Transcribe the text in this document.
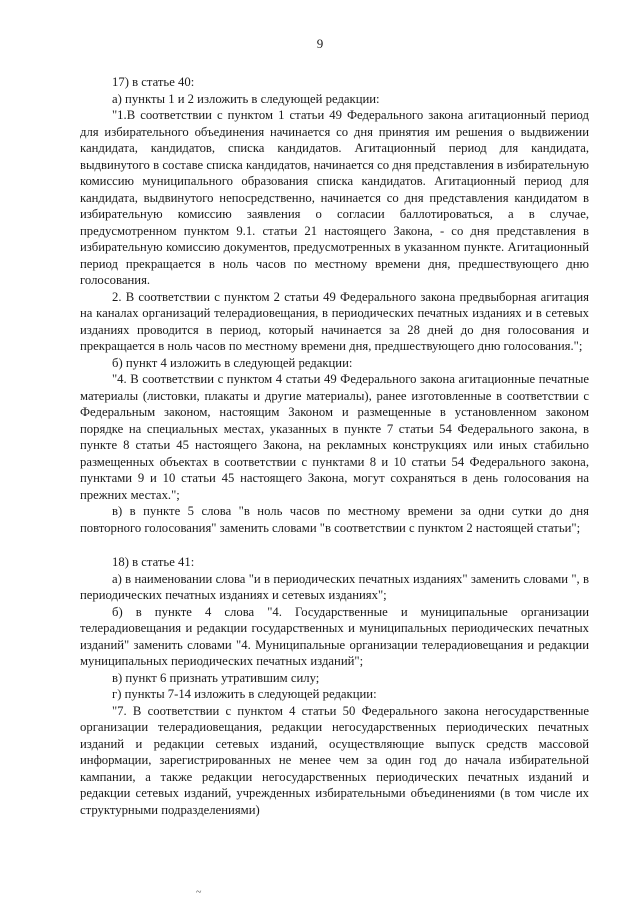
9

17) в статье 40:

а) пункты 1 и 2 изложить в следующей редакции:

"1.В соответствии с пунктом 1 статьи 49 Федерального закона агитационный период для избирательного объединения начинается со дня принятия им решения о выдвижении кандидата, кандидатов, списка кандидатов. Агитационный период для кандидата, выдвинутого в составе списка кандидатов, начинается со дня представления в избирательную комиссию муниципального образования списка кандидатов. Агитационный период для кандидата, выдвинутого непосредственно, начинается со дня представления кандидатом в избирательную комиссию заявления о согласии баллотироваться, а в случае, предусмотренном пунктом 9.1. статьи 21 настоящего Закона, - со дня представления в избирательную комиссию документов, предусмотренных в указанном пункте. Агитационный период прекращается в ноль часов по местному времени дня, предшествующего дню голосования.

2. В соответствии с пунктом 2 статьи 49 Федерального закона предвыборная агитация на каналах организаций телерадиовещания, в периодических печатных изданиях и в сетевых изданиях проводится в период, который начинается за 28 дней до дня голосования и прекращается в ноль часов по местному времени дня, предшествующего дню голосования.";

б) пункт 4 изложить в следующей редакции:

"4. В соответствии с пунктом 4 статьи 49 Федерального закона агитационные печатные материалы (листовки, плакаты и другие материалы), ранее изготовленные в соответствии с Федеральным законом, настоящим Законом и размещенные в установленном законом порядке на специальных местах, указанных в пункте 7 статьи 54 Федерального закона, в пункте 8 статьи 45 настоящего Закона, на рекламных конструкциях или иных стабильно размещенных объектах в соответствии с пунктами 8 и 10 статьи 54 Федерального закона, пунктами 9 и 10 статьи 45 настоящего Закона, могут сохраняться в день голосования на прежних местах.";

в) в пункте 5 слова "в ноль часов по местному времени за одни сутки до дня повторного голосования" заменить словами "в соответствии с пунктом 2 настоящей статьи";

18) в статье 41:

а) в наименовании слова "и в периодических печатных изданиях" заменить словами ", в периодических печатных изданиях и сетевых изданиях";

б) в пункте 4 слова "4. Государственные и муниципальные организации телерадиовещания и редакции государственных и муниципальных периодических печатных изданий" заменить словами "4. Муниципальные организации телерадиовещания и редакции муниципальных периодических печатных изданий";

в) пункт 6 признать утратившим силу;

г) пункты 7-14 изложить в следующей редакции:

"7. В соответствии с пунктом 4 статьи 50 Федерального закона негосударственные организации телерадиовещания, редакции негосударственных периодических печатных изданий и редакции сетевых изданий, осуществляющие выпуск средств массовой информации, зарегистрированных не менее чем за один год до начала избирательной кампании, а также редакции негосударственных периодических печатных изданий и редакции сетевых изданий, учрежденных избирательными объединениями (в том числе их структурными подразделениями)

~
